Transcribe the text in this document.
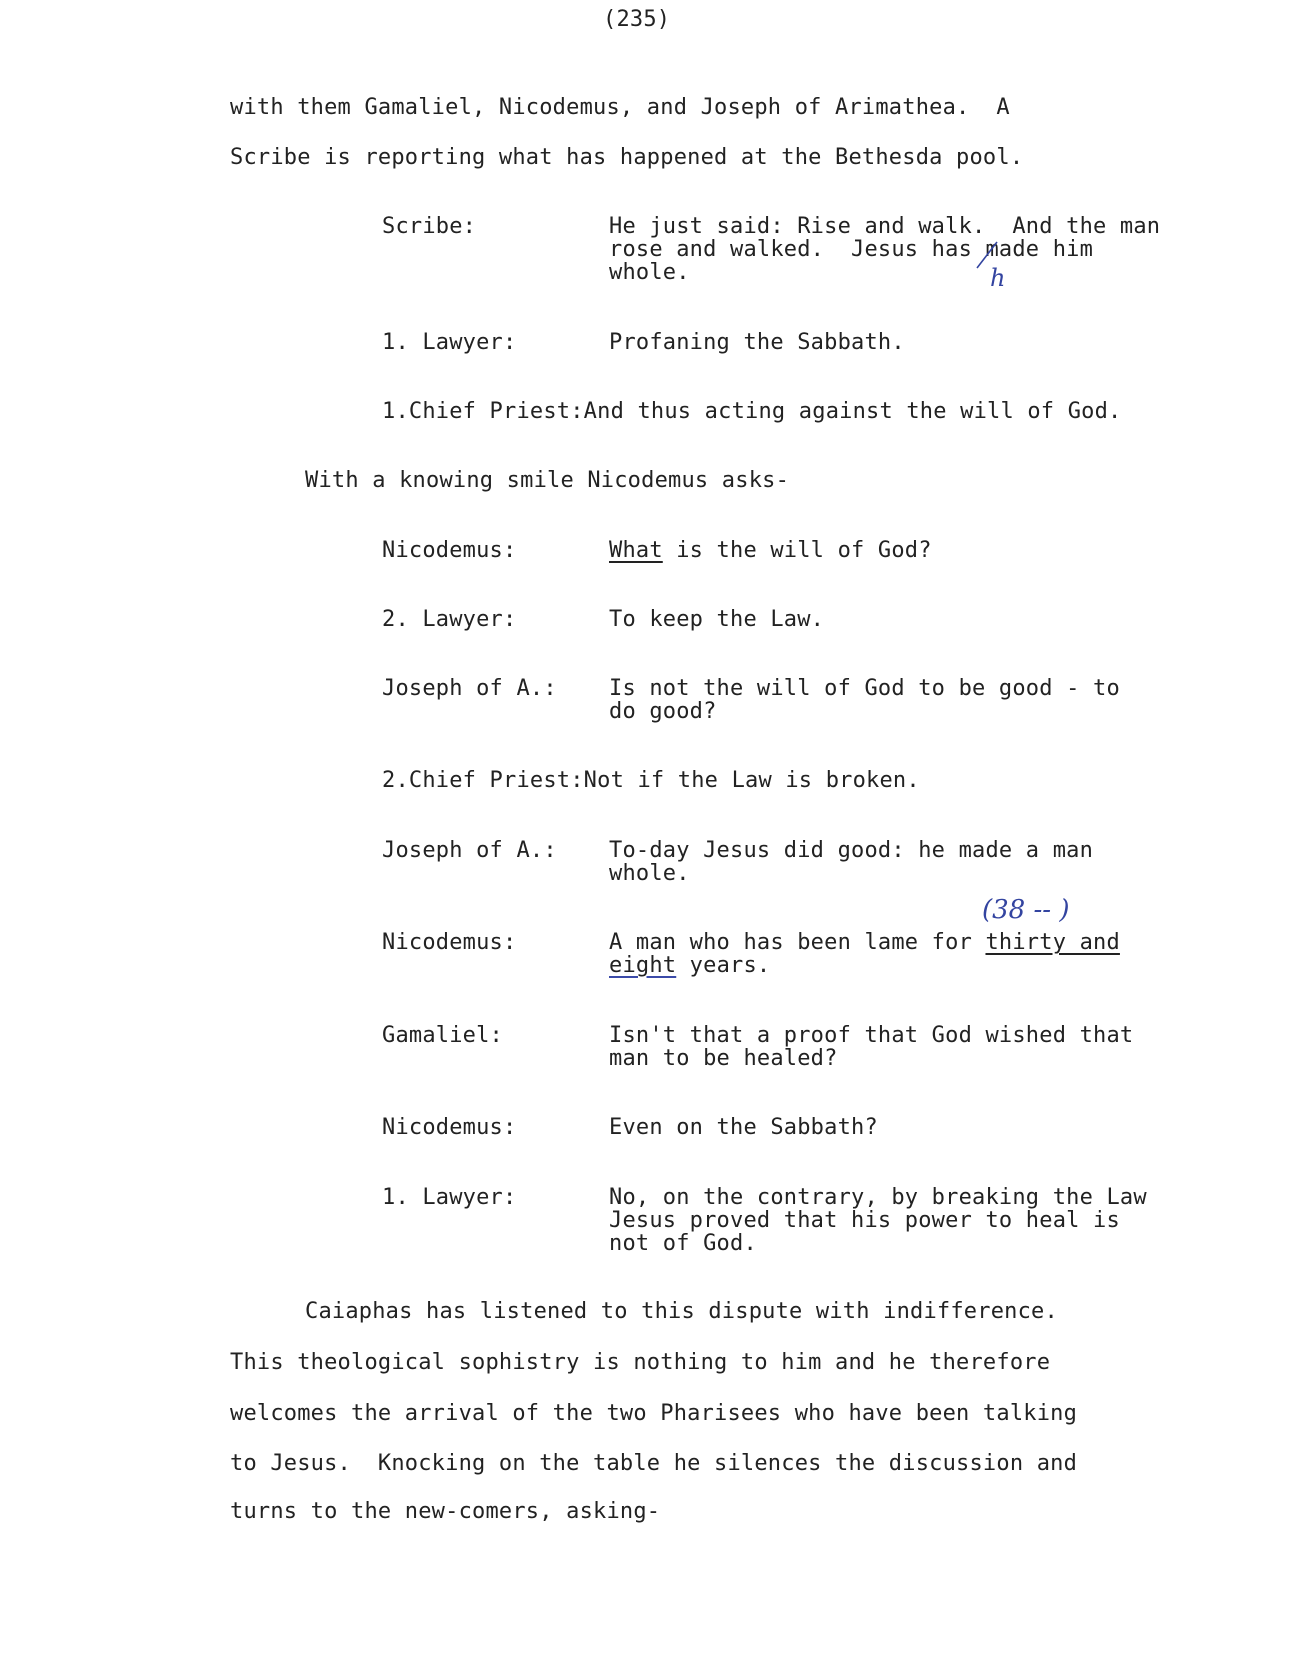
(235)
with them Gamaliel, Nicodemus, and Joseph of Arimathea.  A
Scribe is reporting what has happened at the Bethesda pool.
Scribe:	He just said: Rise and walk.  And the man
rose and walked.  Jesus has made him
whole.	h
1. Lawyer:	Profaning the Sabbath.
1.Chief Priest:And thus acting against the will of God.
With a knowing smile Nicodemus asks-
Nicodemus:	What is the will of God?
2. Lawyer:	To keep the Law.
Joseph of A.: Is not the will of God to be good - to
do good?
2.Chief Priest:Not if the Law is broken.
Joseph of A.: To-day Jesus did good: he made a man
whole.
(38 -- )
Nicodemus:	A man who has been lame for thirty and
eight years.
Gamaliel:	Isn't that a proof that God wished that
man to be healed?
Nicodemus:	Even on the Sabbath?
1. Lawyer:	No, on the contrary, by breaking the Law
Jesus proved that his power to heal is
not of God.
Caiaphas has listened to this dispute with indifference.
This theological sophistry is nothing to him and he therefore
welcomes the arrival of the two Pharisees who have been talking
to Jesus.  Knocking on the table he silences the discussion and
turns to the new-comers, asking-
